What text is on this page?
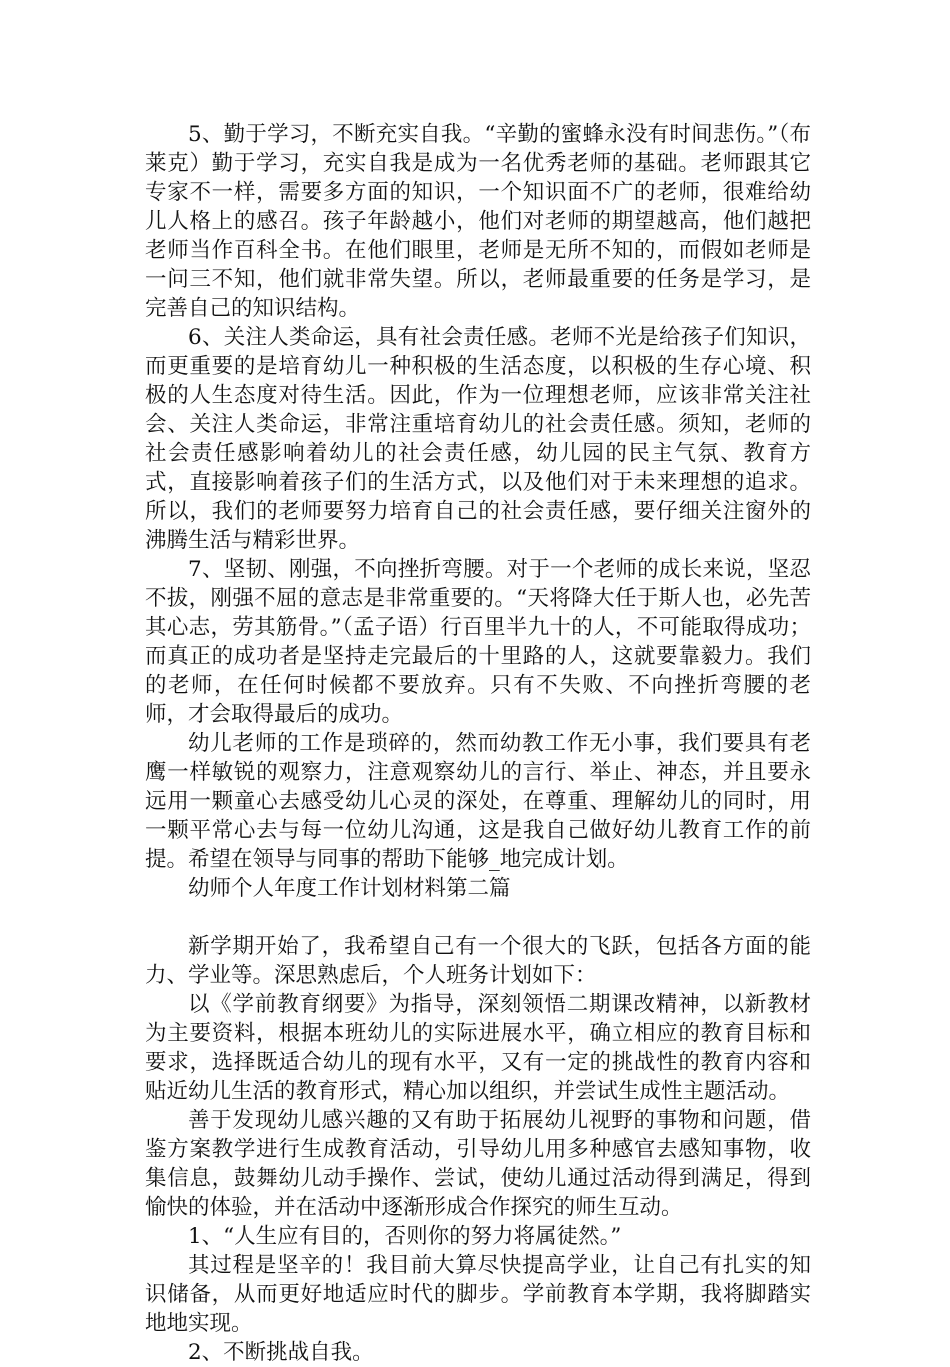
5、勤于学习，不断充实自我。“辛勤的蜜蜂永没有时间悲伤。”（布莱克）勤于学习，充实自我是成为一名优秀老师的基础。老师跟其它专家不一样，需要多方面的知识，一个知识面不广的老师，很难给幼儿人格上的感召。孩子年龄越小，他们对老师的期望越高，他们越把老师当作百科全书。在他们眼里，老师是无所不知的，而假如老师是一问三不知，他们就非常失望。所以，老师最重要的任务是学习，是完善自己的知识结构。

6、关注人类命运，具有社会责任感。老师不光是给孩子们知识，而更重要的是培育幼儿一种积极的生活态度，以积极的生存心境、积极的人生态度对待生活。因此，作为一位理想老师，应该非常关注社会、关注人类命运，非常注重培育幼儿的社会责任感。须知，老师的社会责任感影响着幼儿的社会责任感，幼儿园的民主气氛、教育方式，直接影响着孩子们的生活方式，以及他们对于未来理想的追求。所以，我们的老师要努力培育自己的社会责任感，要仔细关注窗外的沸腾生活与精彩世界。

7、坚韧、刚强，不向挫折弯腰。对于一个老师的成长来说，坚忍不拔，刚强不屈的意志是非常重要的。“天将降大任于斯人也，必先苦其心志，劳其筋骨。”（孟子语）行百里半九十的人，不可能取得成功；而真正的成功者是坚持走完最后的十里路的人，这就要靠毅力。我们的老师，在任何时候都不要放弃。只有不失败、不向挫折弯腰的老师，才会取得最后的成功。

幼儿老师的工作是琐碎的，然而幼教工作无小事，我们要具有老鹰一样敏锐的观察力，注意观察幼儿的言行、举止、神态，并且要永远用一颗童心去感受幼儿心灵的深处，在尊重、理解幼儿的同时，用一颗平常心去与每一位幼儿沟通，这是我自己做好幼儿教育工作的前提。希望在领导与同事的帮助下能够_地完成计划。

幼师个人年度工作计划材料第二篇

新学期开始了，我希望自己有一个很大的飞跃，包括各方面的能力、学业等。深思熟虑后，个人班务计划如下：

以《学前教育纲要》为指导，深刻领悟二期课改精神，以新教材为主要资料，根据本班幼儿的实际进展水平，确立相应的教育目标和要求，选择既适合幼儿的现有水平，又有一定的挑战性的教育内容和贴近幼儿生活的教育形式，精心加以组织，并尝试生成性主题活动。

善于发现幼儿感兴趣的又有助于拓展幼儿视野的事物和问题，借鉴方案教学进行生成教育活动，引导幼儿用多种感官去感知事物，收集信息，鼓舞幼儿动手操作、尝试，使幼儿通过活动得到满足，得到愉快的体验，并在活动中逐渐形成合作探究的师生互动。

1、“人生应有目的，否则你的努力将属徒然。”

其过程是坚辛的！我目前大算尽快提高学业，让自己有扎实的知识储备，从而更好地适应时代的脚步。学前教育本学期，我将脚踏实地地实现。

2、不断挑战自我。
